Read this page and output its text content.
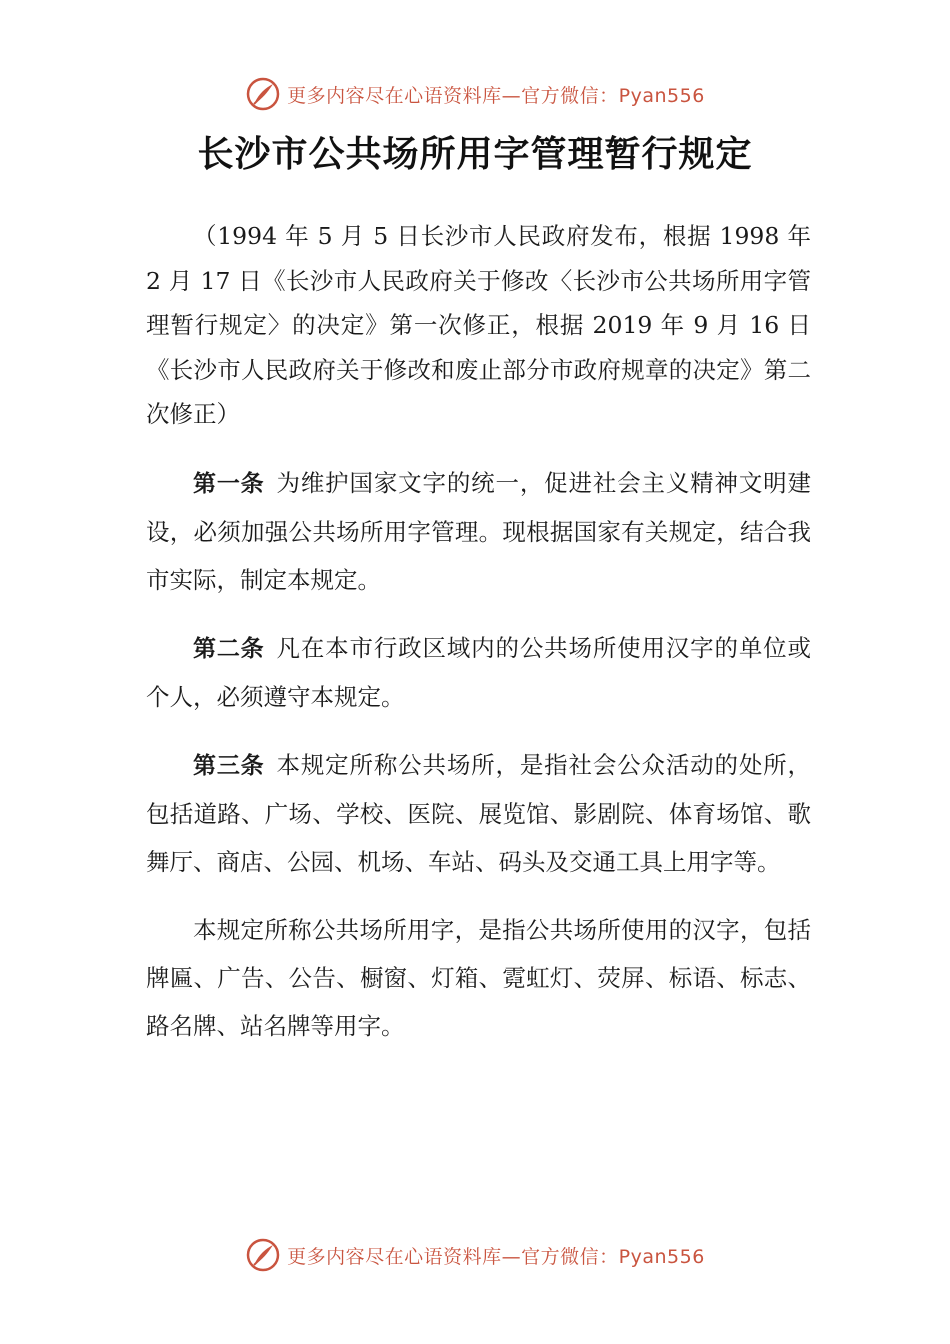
更多内容尽在心语资料库—官方微信：Pyan556
长沙市公共场所用字管理暂行规定

（1994 年 5 月 5 日长沙市人民政府发布，根据 1998 年 2 月 17 日《长沙市人民政府关于修改〈长沙市公共场所用字管理暂行规定〉的决定》第一次修正，根据 2019 年 9 月 16 日《长沙市人民政府关于修改和废止部分市政府规章的决定》第二次修正）

第一条 为维护国家文字的统一，促进社会主义精神文明建设，必须加强公共场所用字管理。现根据国家有关规定，结合我市实际，制定本规定。

第二条 凡在本市行政区域内的公共场所使用汉字的单位或个人，必须遵守本规定。

第三条 本规定所称公共场所，是指社会公众活动的处所，包括道路、广场、学校、医院、展览馆、影剧院、体育场馆、歌舞厅、商店、公园、机场、车站、码头及交通工具上用字等。

本规定所称公共场所用字，是指公共场所使用的汉字，包括牌匾、广告、公告、橱窗、灯箱、霓虹灯、荧屏、标语、标志、路名牌、站名牌等用字。

更多内容尽在心语资料库—官方微信：Pyan556
